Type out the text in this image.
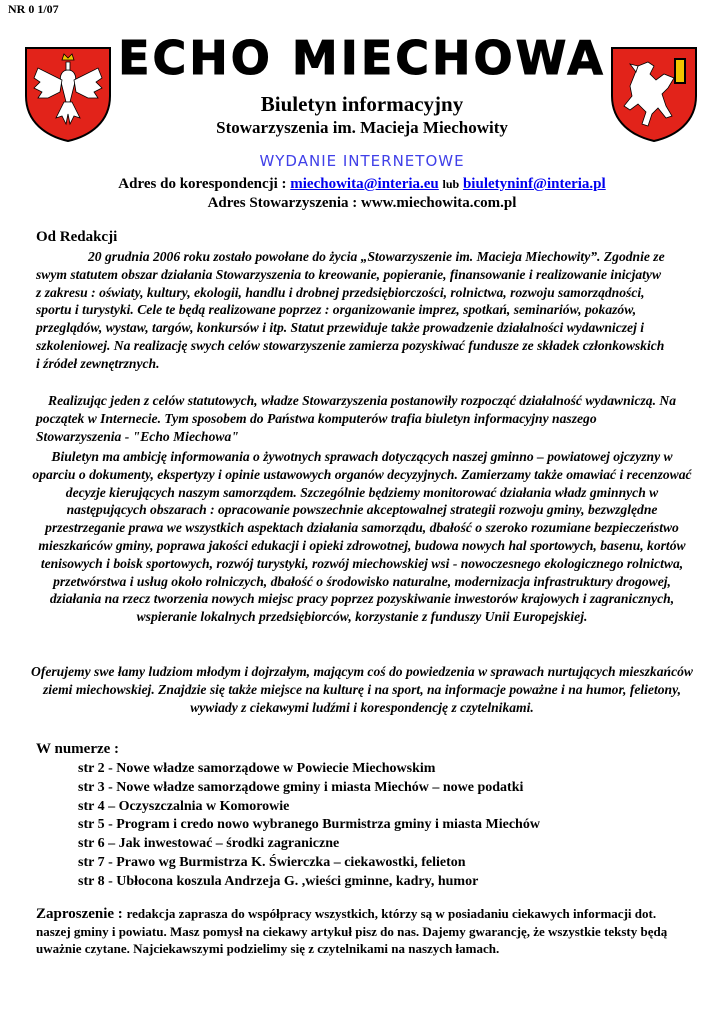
NR 0 1/07
ECHO MIECHOWA
Biuletyn informacyjny
Stowarzyszenia im. Macieja Miechowity
WYDANIE INTERNETOWE
Adres do korespondencji : miechowita@interia.eu lub biuletyninf@interia.pl
Adres Stowarzyszenia : www.miechowita.com.pl
Od Redakcji
20 grudnia 2006 roku zostało powołane do życia „Stowarzyszenie im. Macieja Miechowity”. Zgodnie ze swym statutem obszar działania Stowarzyszenia to kreowanie, popieranie, finansowanie i realizowanie inicjatyw z zakresu : oświaty, kultury, ekologii, handlu i drobnej przedsiębiorczości, rolnictwa, rozwoju samorządności, sportu i turystyki. Cele te będą realizowane poprzez : organizowanie imprez, spotkań, seminariów, pokazów, przeglądów, wystaw, targów, konkursów i itp. Statut przewiduje także prowadzenie działalności wydawniczej i szkoleniowej. Na realizację swych celów stowarzyszenie zamierza pozyskiwać fundusze ze składek członkowskich i źródeł zewnętrznych.
Realizując jeden z celów statutowych, władze Stowarzyszenia postanowiły rozpocząć działalność wydawniczą. Na początek w Internecie. Tym sposobem do Państwa komputerów trafia biuletyn informacyjny naszego Stowarzyszenia - "Echo Miechowa"
Biuletyn ma ambicję informowania o żywotnych sprawach dotyczących naszej gminno – powiatowej ojczyzny w oparciu o dokumenty, ekspertyzy i opinie ustawowych organów decyzyjnych. Zamierzamy także omawiać i recenzować decyzje kierujących naszym samorządem. Szczególnie będziemy monitorować działania władz gminnych w następujących obszarach : opracowanie powszechnie akceptowalnej strategii rozwoju gminy, bezwzględne przestrzeganie prawa we wszystkich aspektach działania samorządu, dbałość o szeroko rozumiane bezpieczeństwo mieszkańców gminy, poprawa jakości edukacji i opieki zdrowotnej, budowa nowych hal sportowych, basenu, kortów tenisowych i boisk sportowych, rozwój turystyki, rozwój miechowskiej wsi - nowoczesnego ekologicznego rolnictwa, przetwórstwa i usług około rolniczych, dbałość o środowisko naturalne, modernizacja infrastruktury drogowej, działania na rzecz tworzenia nowych miejsc pracy poprzez pozyskiwanie inwestorów krajowych i zagranicznych, wspieranie lokalnych przedsiębiorców, korzystanie z funduszy Unii Europejskiej.
Oferujemy swe łamy ludziom młodym i dojrzałym, mającym coś do powiedzenia w sprawach nurtujących mieszkańców ziemi miechowskiej. Znajdzie się także miejsce na kulturę i na sport, na informacje poważne i na humor, felietony, wywiady z ciekawymi ludźmi i korespondencję z czytelnikami.
W numerze :
str 2 - Nowe władze samorządowe w Powiecie Miechowskim
str 3 - Nowe władze samorządowe gminy i miasta Miechów – nowe podatki
str 4 – Oczyszczalnia w Komorowie
str 5 - Program i credo nowo wybranego Burmistrza gminy i miasta Miechów
str 6 – Jak inwestować – środki zagraniczne
str 7 - Prawo wg Burmistrza K. Świerczka – ciekawostki, felieton
str 8 - Ubłocona koszula Andrzeja G. ,wieści gminne, kadry, humor
Zaproszenie : redakcja zaprasza do współpracy wszystkich, którzy są w posiadaniu ciekawych informacji dot. naszej gminy i powiatu. Masz pomysł na ciekawy artykuł pisz do nas. Dajemy gwarancję, że wszystkie teksty będą uważnie czytane. Najciekawszymi podzielimy się z czytelnikami na naszych łamach.
